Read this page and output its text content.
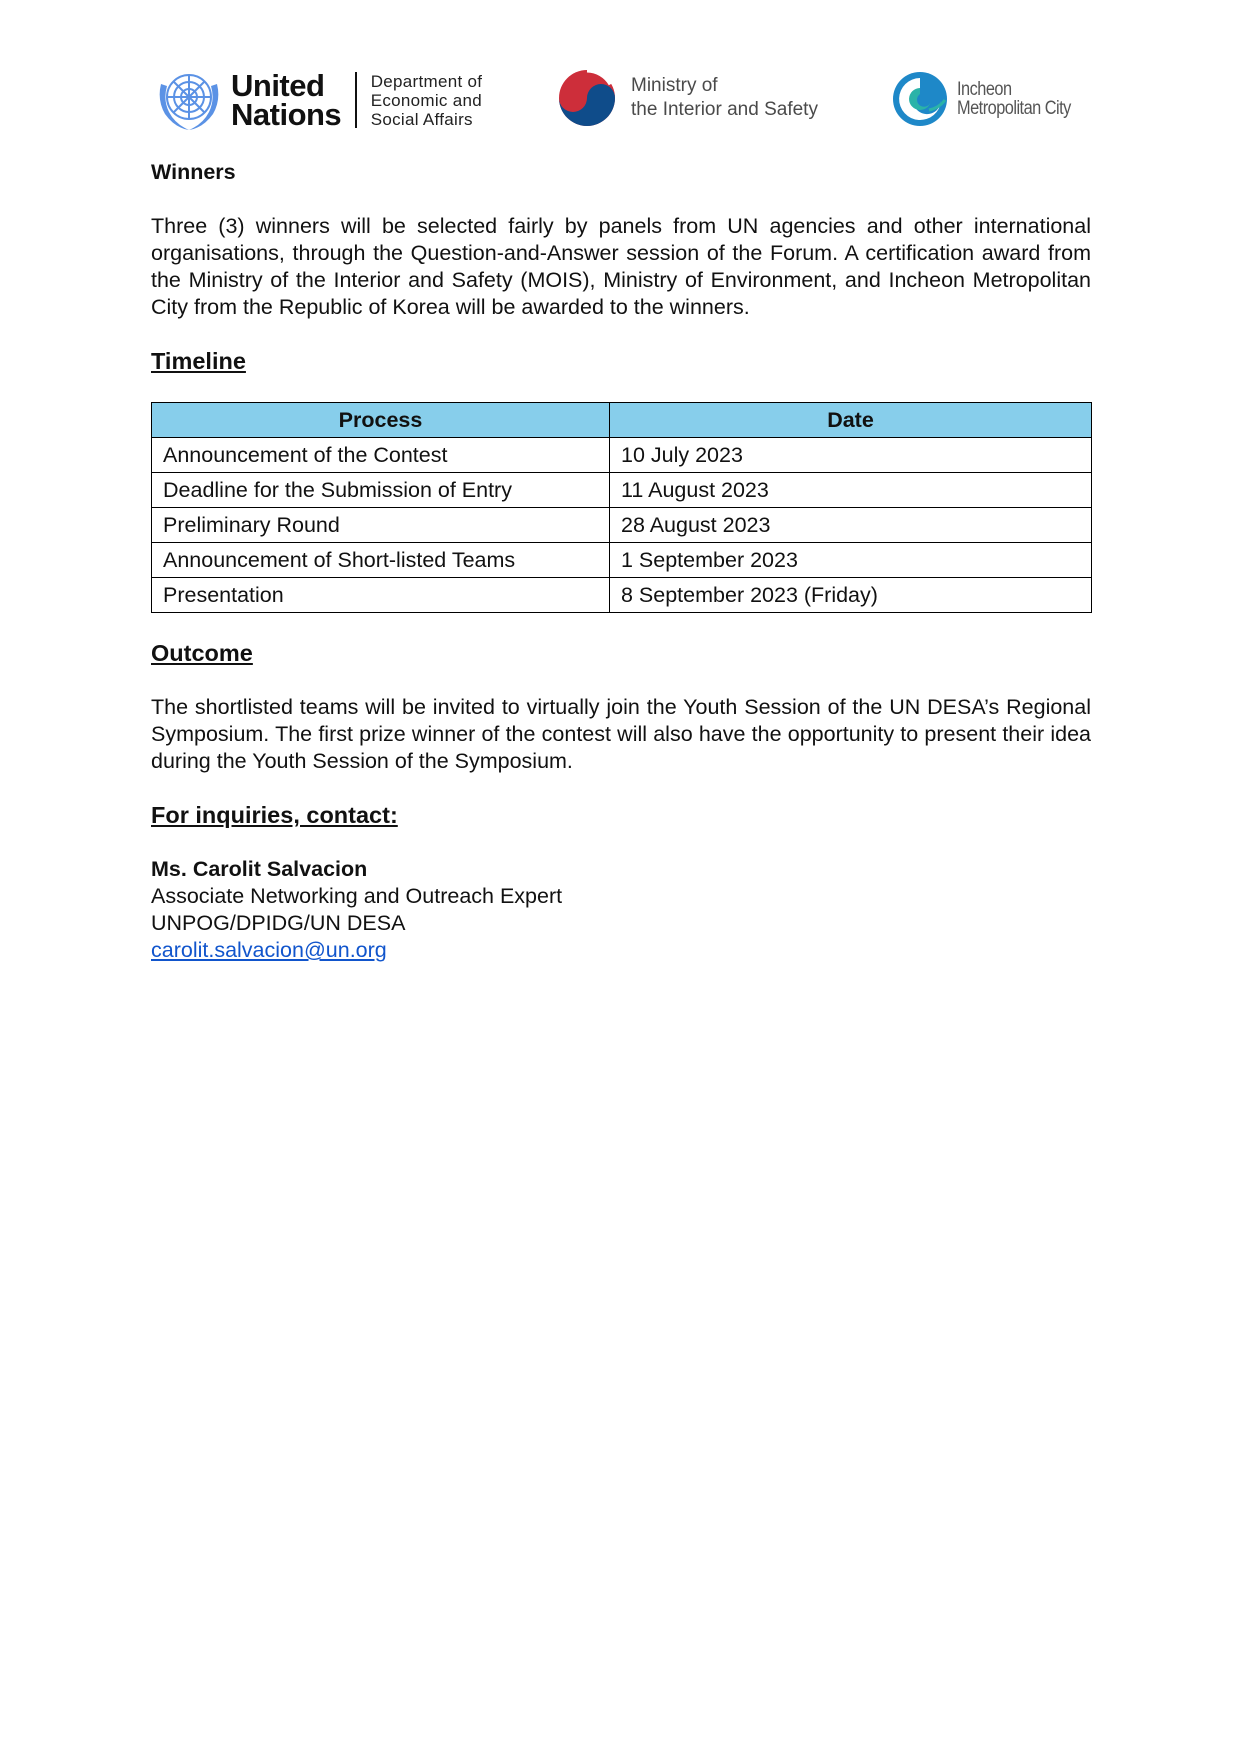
United
Nations
Department of
Economic and
Social Affairs
Ministry of
the Interior and Safety
Incheon
Metropolitan City
Winners
Three (3) winners will be selected fairly by panels from UN agencies and other international organisations, through the Question-and-Answer session of the Forum. A certification award from the Ministry of the Interior and Safety (MOIS), Ministry of Environment, and Incheon Metropolitan City from the Republic of Korea will be awarded to the winners.
Timeline
Process	Date
Announcement of the Contest	10 July 2023
Deadline for the Submission of Entry	11 August 2023
Preliminary Round	28 August 2023
Announcement of Short-listed Teams	1 September 2023
Presentation	8 September 2023 (Friday)
Outcome
The shortlisted teams will be invited to virtually join the Youth Session of the UN DESA’s Regional Symposium. The first prize winner of the contest will also have the opportunity to present their idea during the Youth Session of the Symposium.
For inquiries, contact:
Ms. Carolit Salvacion
Associate Networking and Outreach Expert
UNPOG/DPIDG/UN DESA
carolit.salvacion@un.org
